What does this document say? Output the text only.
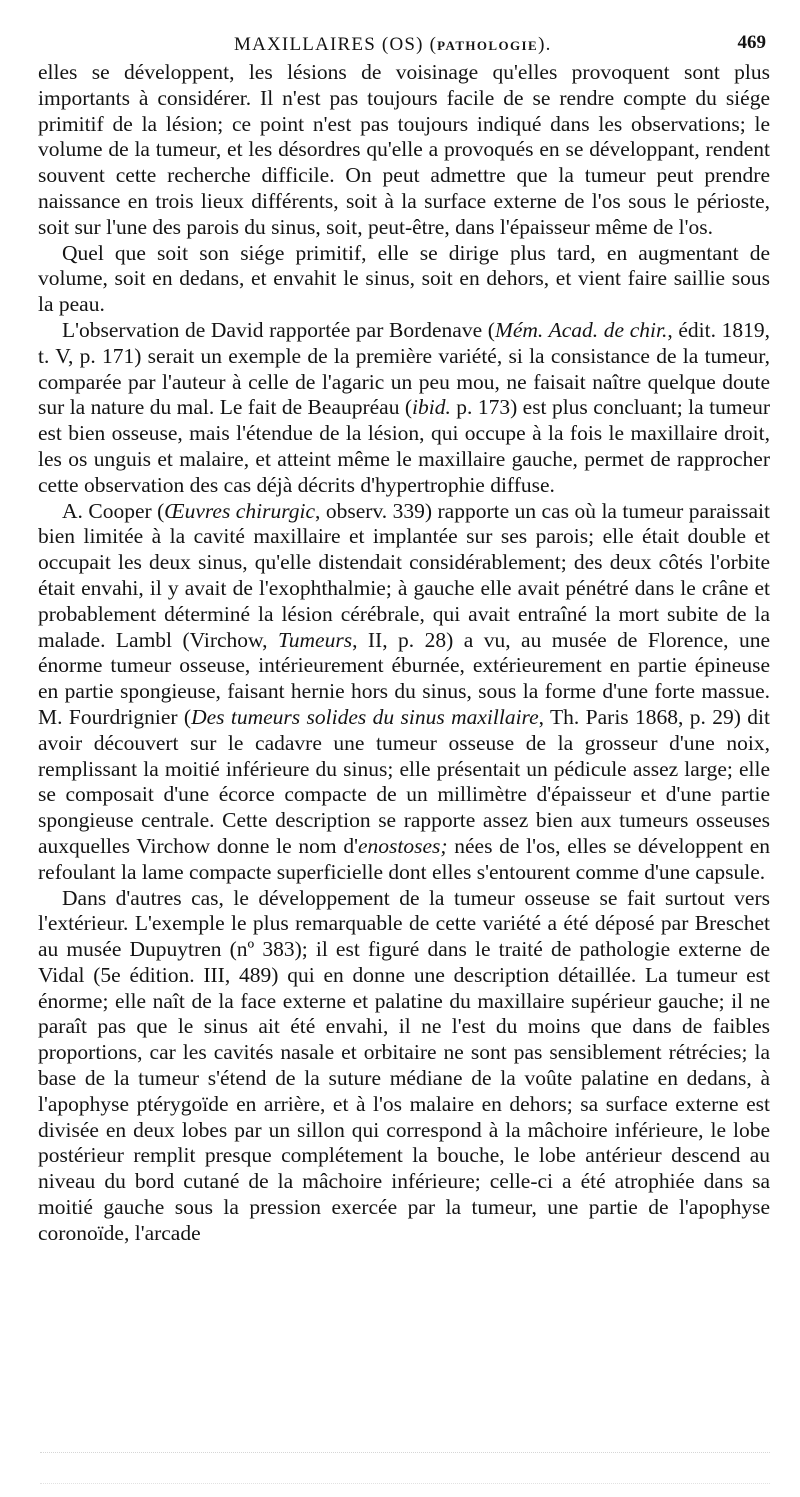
MAXILLAIRES (OS) (PATHOLOGIE).	469

elles se développent, les lésions de voisinage qu'elles provoquent sont plus importants à considérer. Il n'est pas toujours facile de se rendre compte du siége primitif de la lésion; ce point n'est pas toujours indiqué dans les observations; le volume de la tumeur, et les désordres qu'elle a provoqués en se développant, rendent souvent cette recherche difficile. On peut admettre que la tumeur peut prendre naissance en trois lieux différents, soit à la surface externe de l'os sous le périoste, soit sur l'une des parois du sinus, soit, peut-être, dans l'épaisseur même de l'os.

Quel que soit son siége primitif, elle se dirige plus tard, en augmentant de volume, soit en dedans, et envahit le sinus, soit en dehors, et vient faire saillie sous la peau.

L'observation de David rapportée par Bordenave (Mém. Acad. de chir., édit. 1819, t. V, p. 171) serait un exemple de la première variété, si la consistance de la tumeur, comparée par l'auteur à celle de l'agaric un peu mou, ne faisait naître quelque doute sur la nature du mal. Le fait de Beaupréau (ibid. p. 173) est plus concluant; la tumeur est bien osseuse, mais l'étendue de la lésion, qui occupe à la fois le maxillaire droit, les os unguis et malaire, et atteint même le maxillaire gauche, permet de rapprocher cette observation des cas déjà décrits d'hypertrophie diffuse.

A. Cooper (Œuvres chirurgic, observ. 339) rapporte un cas où la tumeur paraissait bien limitée à la cavité maxillaire et implantée sur ses parois; elle était double et occupait les deux sinus, qu'elle distendait considérablement; des deux côtés l'orbite était envahi, il y avait de l'exophthalmie; à gauche elle avait pénétré dans le crâne et probablement déterminé la lésion cérébrale, qui avait entraîné la mort subite de la malade. Lambl (Virchow, Tumeurs, II, p. 28) a vu, au musée de Florence, une énorme tumeur osseuse, intérieurement éburnée, extérieurement en partie épineuse en partie spongieuse, faisant hernie hors du sinus, sous la forme d'une forte massue. M. Fourdrignier (Des tumeurs solides du sinus maxillaire, Th. Paris 1868, p. 29) dit avoir découvert sur le cadavre une tumeur osseuse de la grosseur d'une noix, remplissant la moitié inférieure du sinus; elle présentait un pédicule assez large; elle se composait d'une écorce compacte de un millimètre d'épaisseur et d'une partie spongieuse centrale. Cette description se rapporte assez bien aux tumeurs osseuses auxquelles Virchow donne le nom d'enostoses; nées de l'os, elles se développent en refoulant la lame compacte superficielle dont elles s'entourent comme d'une capsule.

Dans d'autres cas, le développement de la tumeur osseuse se fait surtout vers l'extérieur. L'exemple le plus remarquable de cette variété a été déposé par Breschet au musée Dupuytren (nº 383); il est figuré dans le traité de pathologie externe de Vidal (5e édition. III, 489) qui en donne une description détaillée. La tumeur est énorme; elle naît de la face externe et palatine du maxillaire supérieur gauche; il ne paraît pas que le sinus ait été envahi, il ne l'est du moins que dans de faibles proportions, car les cavités nasale et orbitaire ne sont pas sensiblement rétrécies; la base de la tumeur s'étend de la suture médiane de la voûte palatine en dedans, à l'apophyse ptérygoïde en arrière, et à l'os malaire en dehors; sa surface externe est divisée en deux lobes par un sillon qui correspond à la mâchoire inférieure, le lobe postérieur remplit presque complétement la bouche, le lobe antérieur descend au niveau du bord cutané de la mâchoire inférieure; celle-ci a été atrophiée dans sa moitié gauche sous la pression exercée par la tumeur, une partie de l'apophyse coronoïde, l'arcade
